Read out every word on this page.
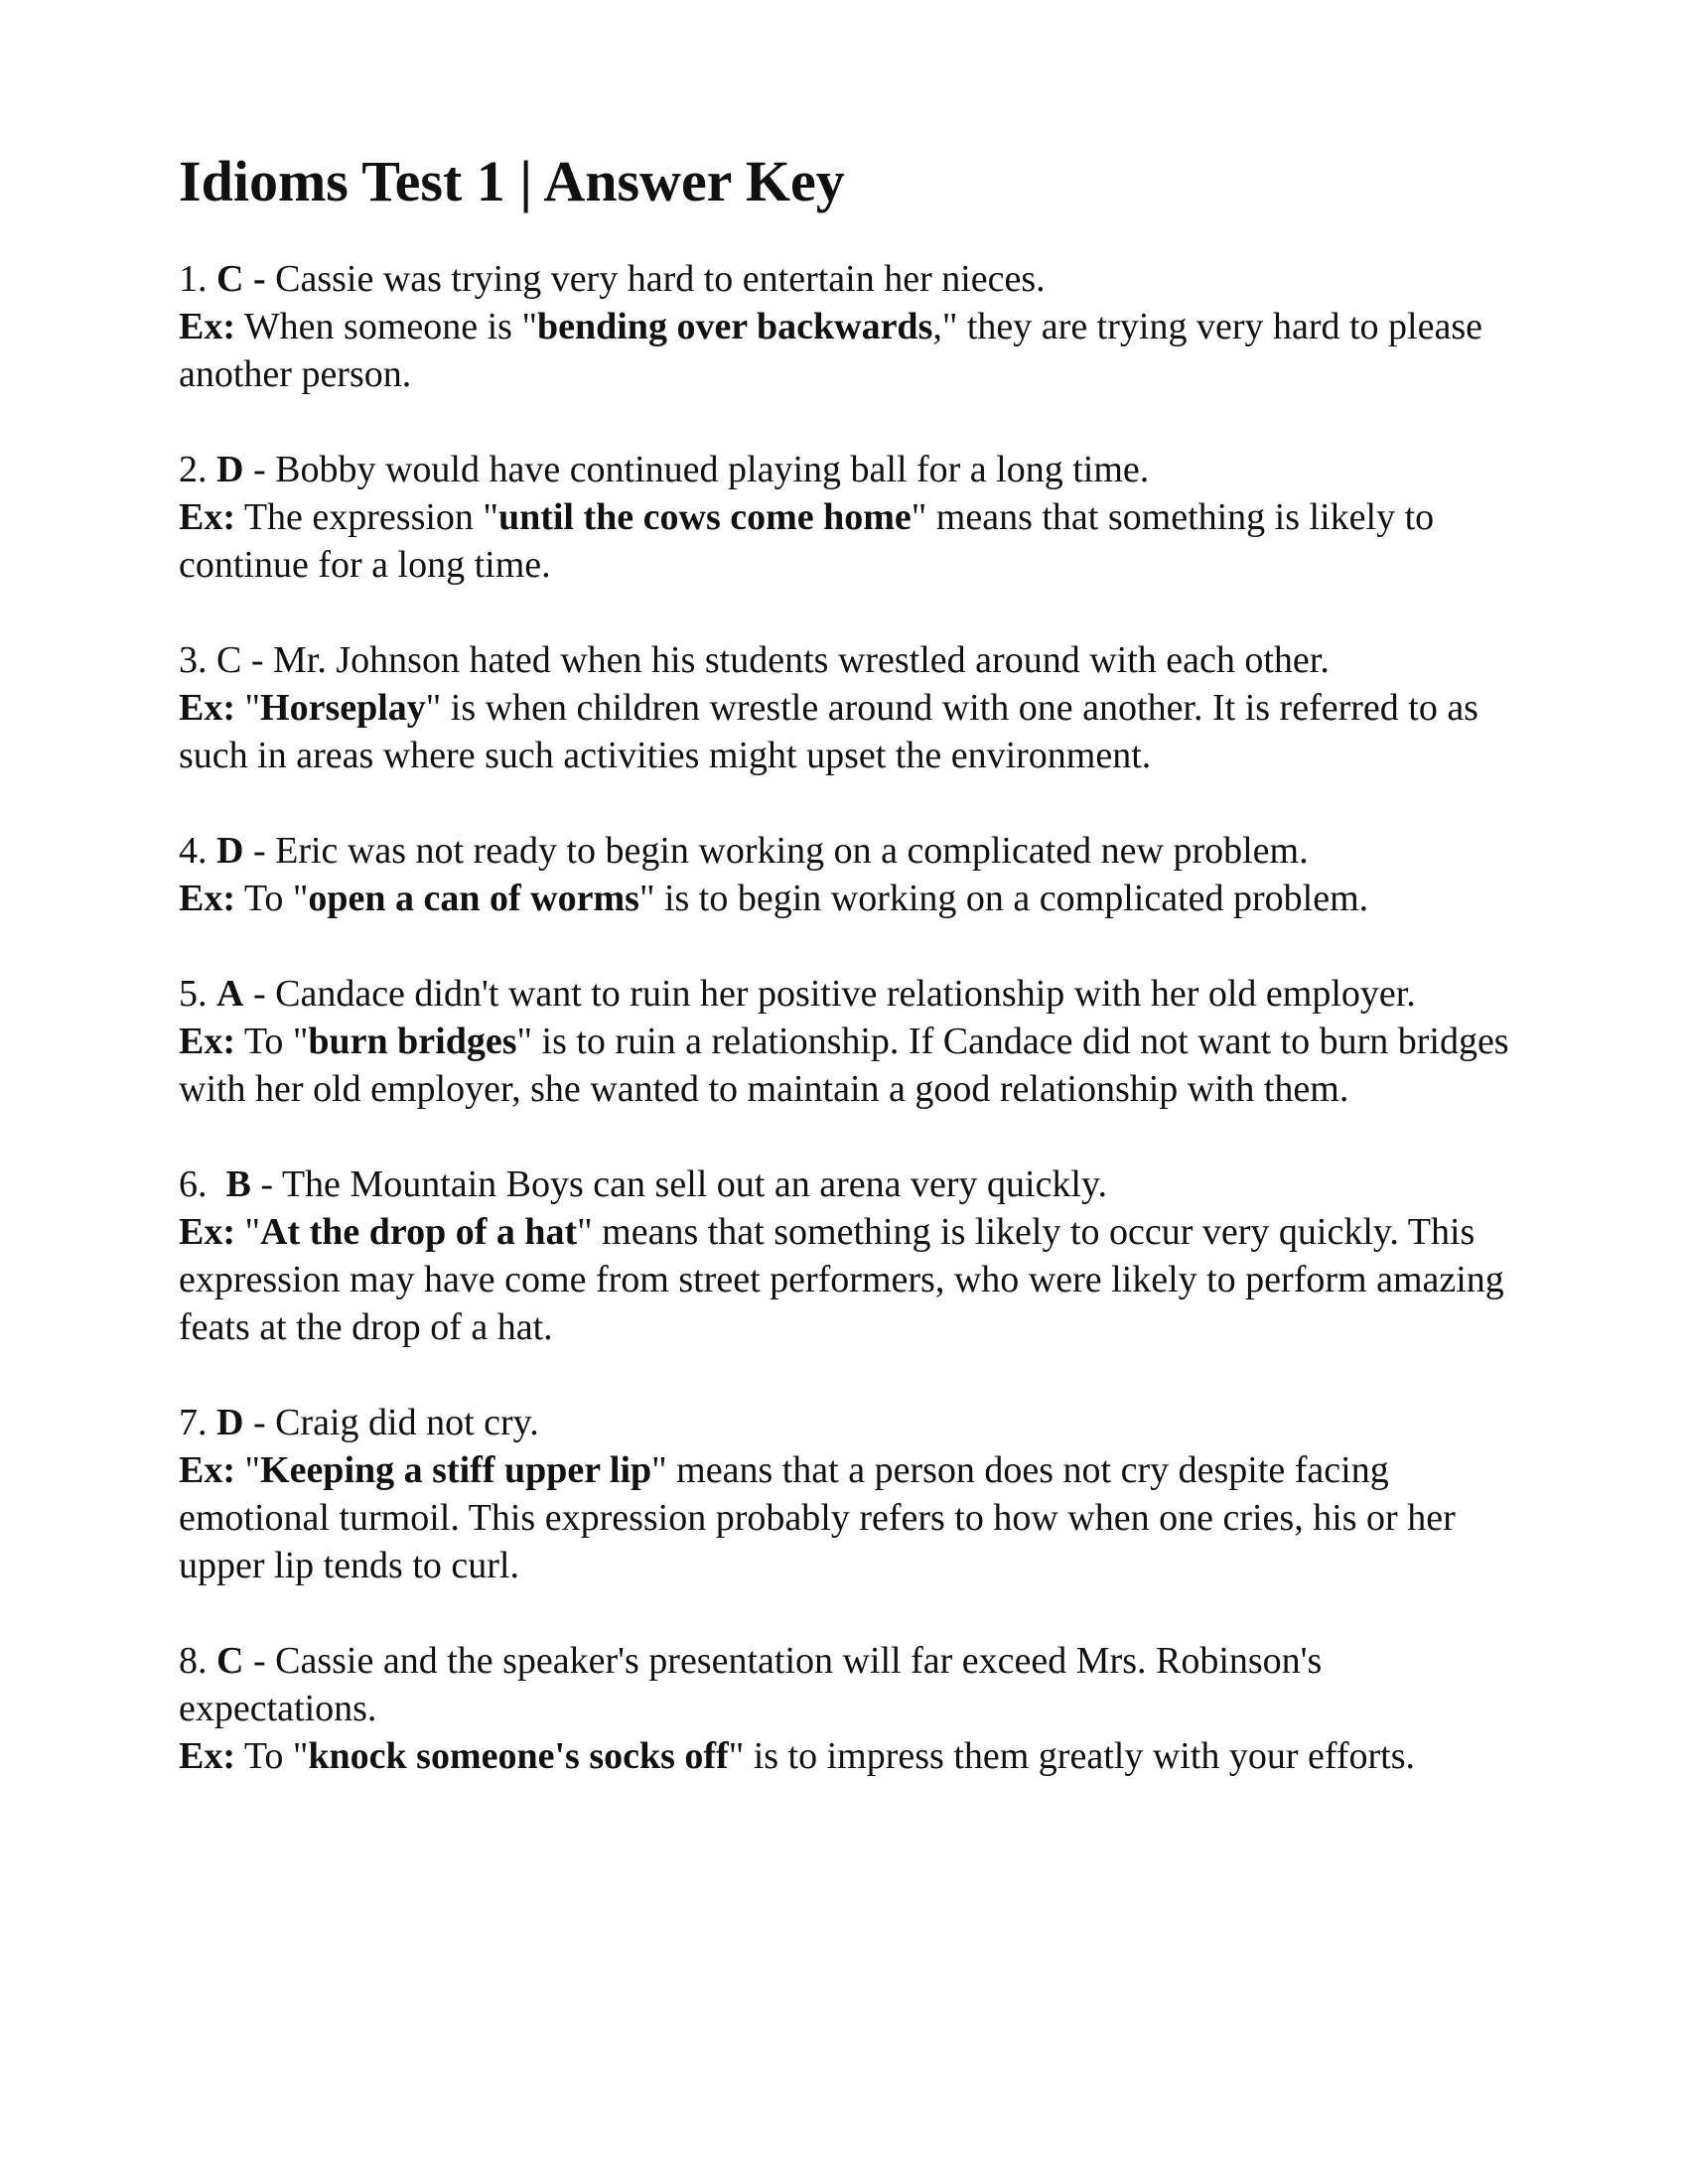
Idioms Test 1 | Answer Key

1. C - Cassie was trying very hard to entertain her nieces.

Ex: When someone is "bending over backwards," they are trying very hard to please another person.

2. D - Bobby would have continued playing ball for a long time.

Ex: The expression "until the cows come home" means that something is likely to continue for a long time.

3. C - Mr. Johnson hated when his students wrestled around with each other.

Ex: "Horseplay" is when children wrestle around with one another. It is referred to as such in areas where such activities might upset the environment.

4. D - Eric was not ready to begin working on a complicated new problem.

Ex: To "open a can of worms" is to begin working on a complicated problem.

5. A - Candace didn't want to ruin her positive relationship with her old employer.

Ex: To "burn bridges" is to ruin a relationship. If Candace did not want to burn bridges with her old employer, she wanted to maintain a good relationship with them.

6. B - The Mountain Boys can sell out an arena very quickly.

Ex: "At the drop of a hat" means that something is likely to occur very quickly. This expression may have come from street performers, who were likely to perform amazing feats at the drop of a hat.

7. D - Craig did not cry.

Ex: "Keeping a stiff upper lip" means that a person does not cry despite facing emotional turmoil. This expression probably refers to how when one cries, his or her upper lip tends to curl.

8. C - Cassie and the speaker's presentation will far exceed Mrs. Robinson's expectations.

Ex: To "knock someone's socks off" is to impress them greatly with your efforts.
